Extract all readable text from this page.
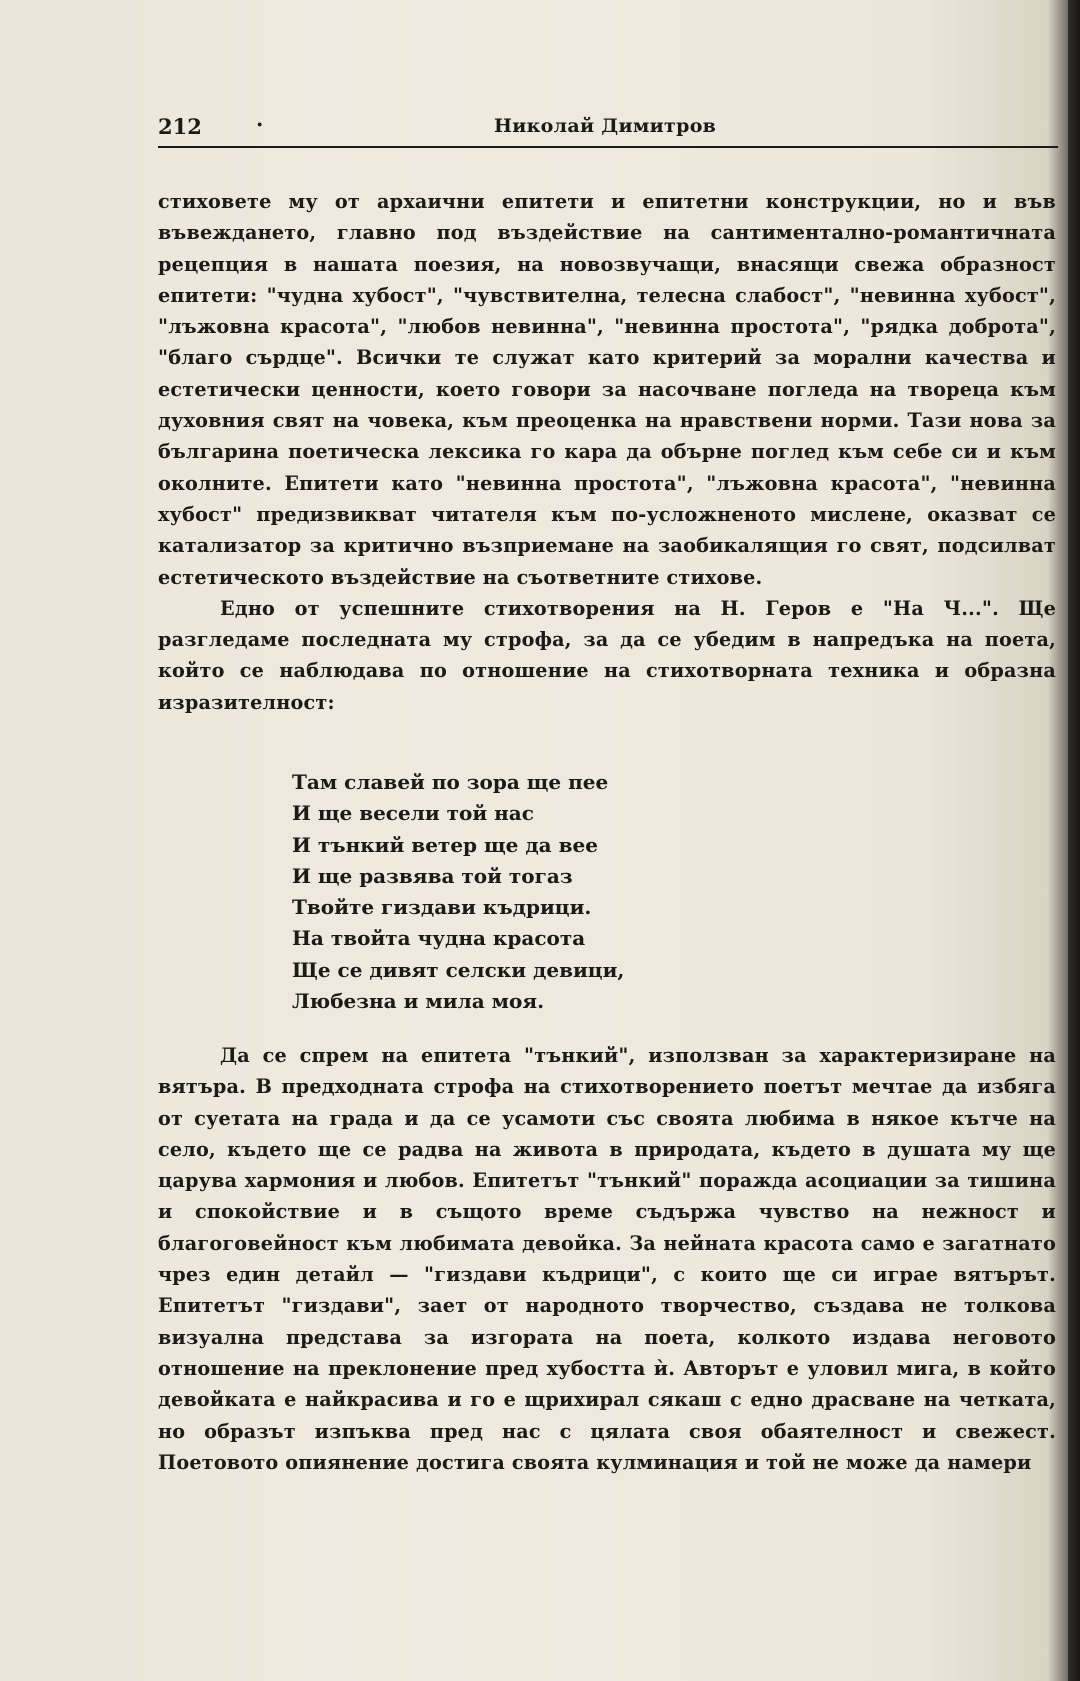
212	·	Николай Димитров

стиховете му от архаични епитети и епитетни конструкции, но и във въвеждането, главно под въздействие на сантиментално-романтичната рецепция в нашата поезия, на новозвучащи, внасящи свежа образност епитети: "чудна хубост", "чувствителна, телесна слабост", "невинна хубост", "лъжовна красота", "любов невинна", "невинна простота", "рядка доброта", "благо сърдце". Всички те служат като критерий за морални качества и естетически ценности, което говори за насочване погледа на твореца към духовния свят на човека, към преоценка на нравствени норми. Тази нова за българина поетическа лексика го кара да обърне поглед към себе си и към околните. Епитети като "невинна простота", "лъжовна красота", "невинна хубост" предизвикват читателя към по-усложненото мислене, оказват се катализатор за критично възприемане на заобикалящия го свят, подсилват естетическото въздействие на съответните стихове.

Едно от успешните стихотворения на Н. Геров е "На Ч...". Ще разгледаме последната му строфа, за да се убедим в напредъка на поета, който се наблюдава по отношение на стихотворната техника и образна изразителност:

Там славей по зора ще пее
И ще весели той нас
И тънкий ветер ще да вее
И ще развява той тогаз
Твойте гиздави къдрици.
На твойта чудна красота
Ще се дивят селски девици,
Любезна и мила моя.

Да се спрем на епитета "тънкий", използван за характеризиране на вятъра. В предходната строфа на стихотворението поетът мечтае да избяга от суетата на града и да се усамоти със своята любима в някое кътче на село, където ще се радва на живота в природата, където в душата му ще царува хармония и любов. Епитетът "тънкий" поражда асоциации за тишина и спокойствие и в същото време съдържа чувство на нежност и благоговейност към любимата девойка. За нейната красота само е загатнато чрез един детайл — "гиздави къдрици", с които ще си играе вятърът. Епитетът "гиздави", зает от народното творчество, създава не толкова визуална представа за изгората на поета, колкото издава неговото отношение на преклонение пред хубостта ѝ. Авторът е уловил мига, в който девойката е найкрасива и го е щрихирал сякаш с едно драсване на четката, но образът изпъква пред нас с цялата своя обаятелност и свежест. Поетовото опиянение достига своята кулминация и той не може да намери
